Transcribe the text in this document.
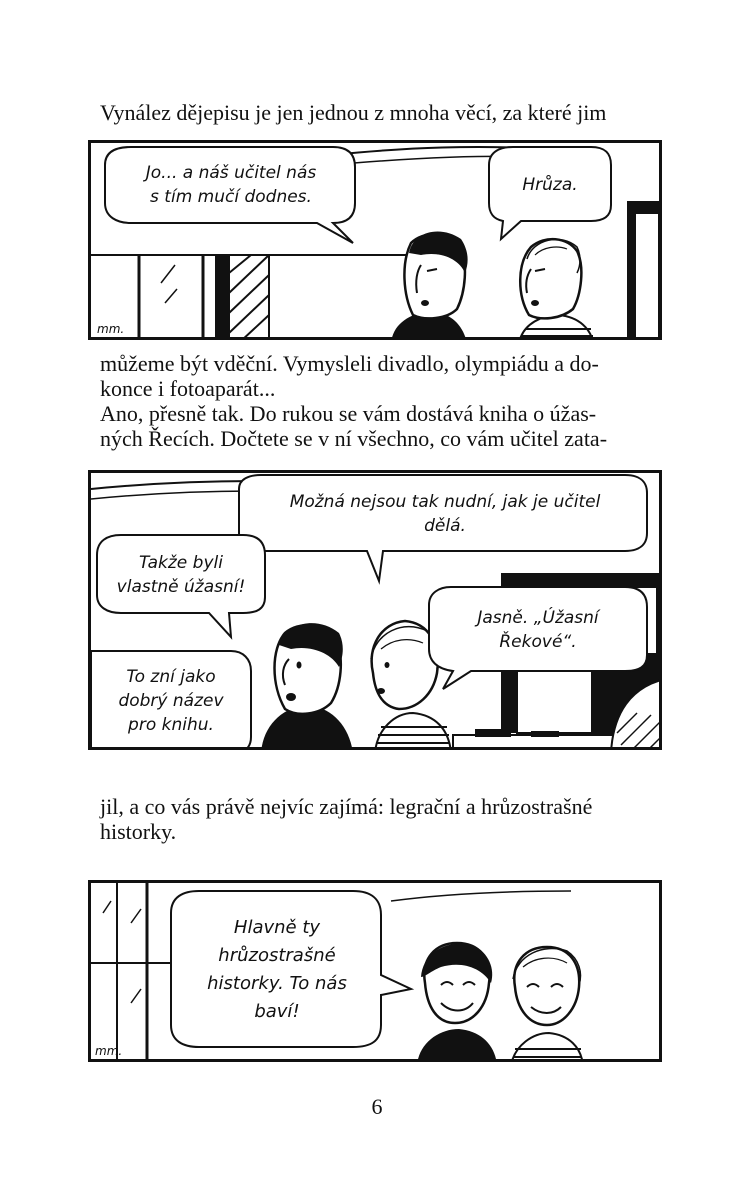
Vynález dějepisu je jen jednou z mnoha věcí, za které jim
mm.
Jo... a náš učitel nás
s tím mučí dodnes.
Hrůza.
můžeme být vděční. Vymysleli divadlo, olympiádu a do-
konce i fotoaparát...
Ano, přesně tak. Do rukou se vám dostává kniha o úžas-
ných Řecích. Dočtete se v ní všechno, co vám učitel zata-
Možná nejsou tak nudní, jak je učitel
dělá.
Takže byli
vlastně úžasní!
Jasně. „Úžasní
Řekové“.
To zní jako
dobrý název
pro knihu.
jil, a co vás právě nejvíc zajímá: legrační a hrůzostrašné
historky.
mm.
Hlavně ty
hrůzostrašné
historky. To nás
baví!
6
